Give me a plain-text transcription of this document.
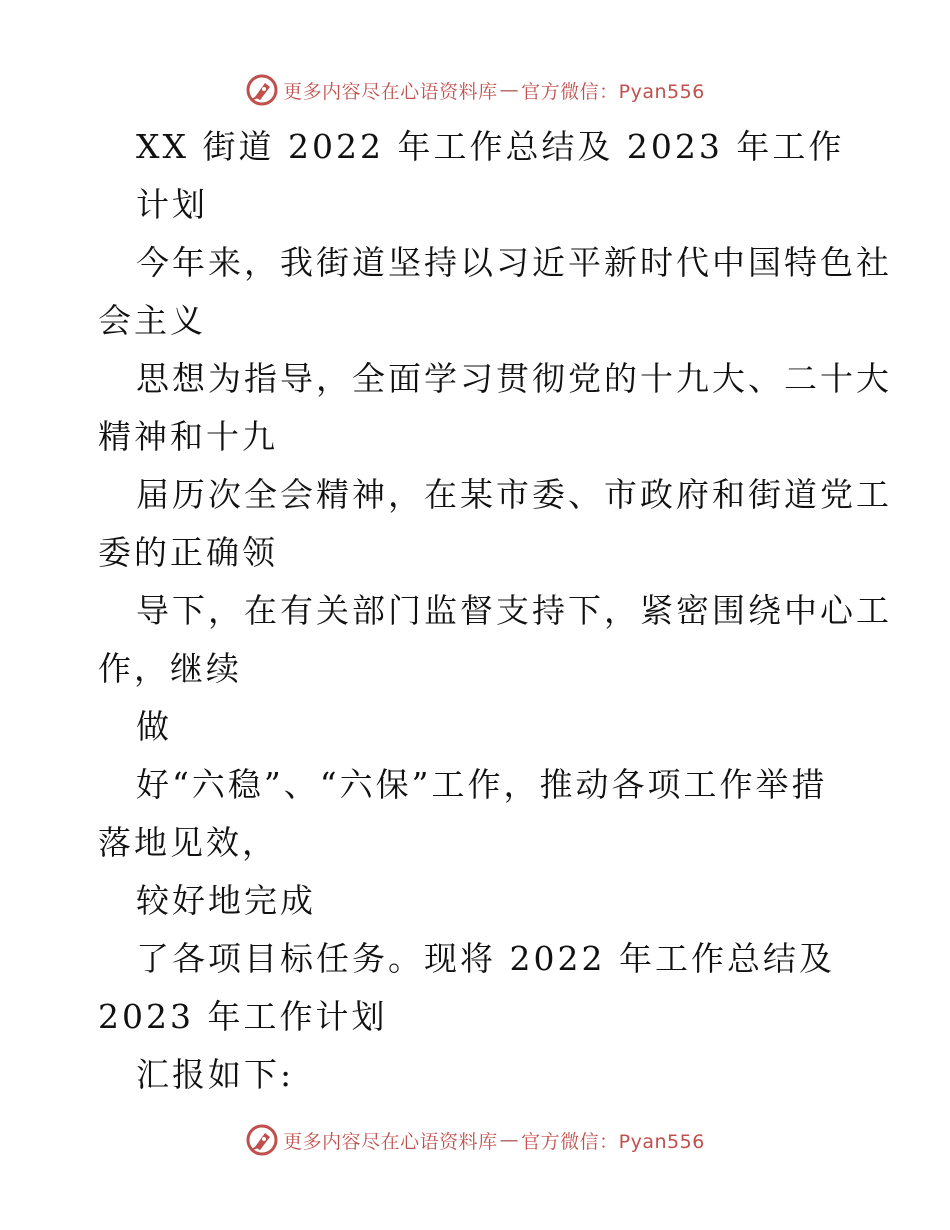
更多内容尽在心语资料库 — 官方微信：Pyan556
XX 街道 2022 年工作总结及 2023 年工作
计划
今年来，我街道坚持以习近平新时代中国特色社
会主义
思想为指导，全面学习贯彻党的十九大、二十大
精神和十九
届历次全会精神，在某市委、市政府和街道党工
委的正确领
导下，在有关部门监督支持下，紧密围绕中心工
作，继续
做
好“六稳”、“六保”工作，推动各项工作举措
落地见效，
较好地完成
了各项目标任务。现将 2022 年工作总结及
2023 年工作计划
汇报如下:
更多内容尽在心语资料库 — 官方微信：Pyan556
